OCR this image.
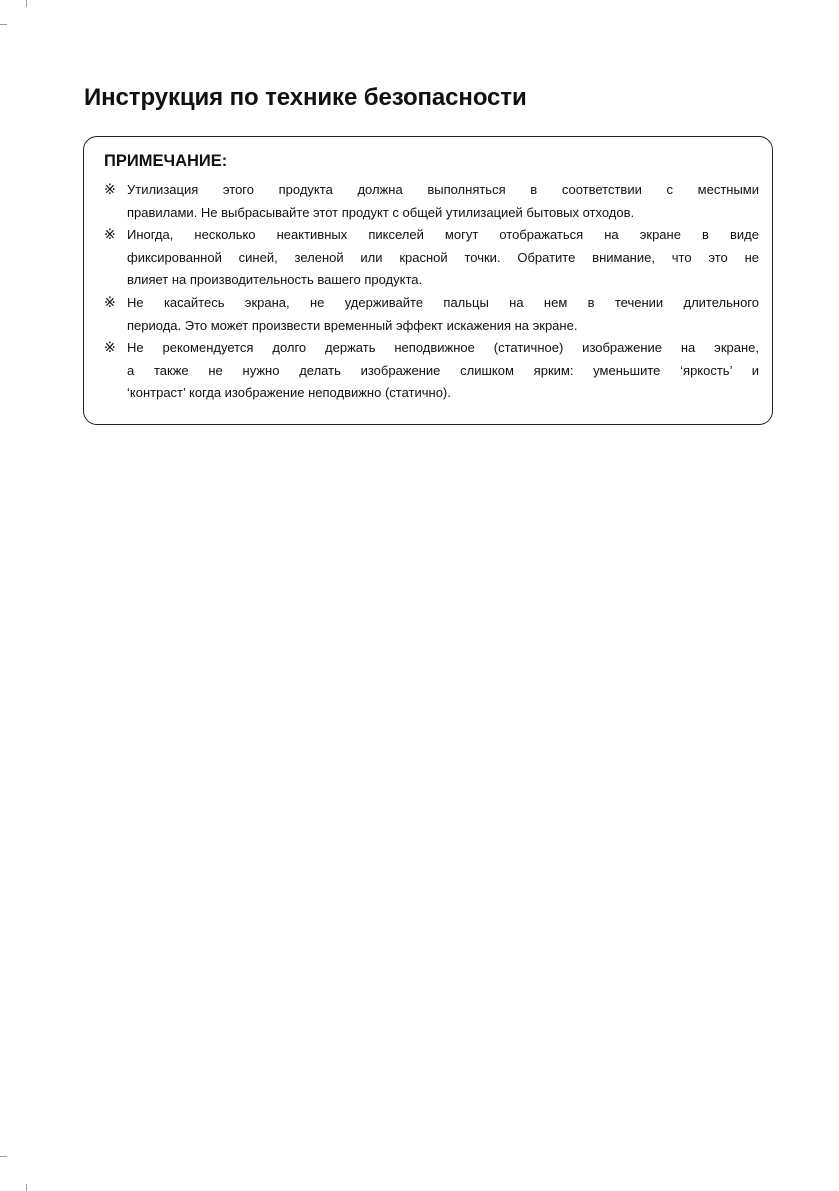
Инструкция по технике безопасности
ПРИМЕЧАНИЕ:
※ Утилизация этого продукта должна выполняться в соответствии с местными
правилами. Не выбрасывайте этот продукт с общей утилизацией бытовых отходов.
※ Иногда, несколько неактивных пикселей могут отображаться на экране в виде
фиксированной синей, зеленой или красной точки. Обратите внимание, что это не
влияет на производительность вашего продукта.
※ Не касайтесь экрана, не удерживайте пальцы на нем в течении длительного
периода. Это может произвести временный эффект искажения на экране.
※ Не рекомендуется долго держать неподвижное (статичное) изображение на экране,
а также не нужно делать изображение слишком ярким: уменьшите ‘яркость’ и
‘контраст’ когда изображение неподвижно (статично).
